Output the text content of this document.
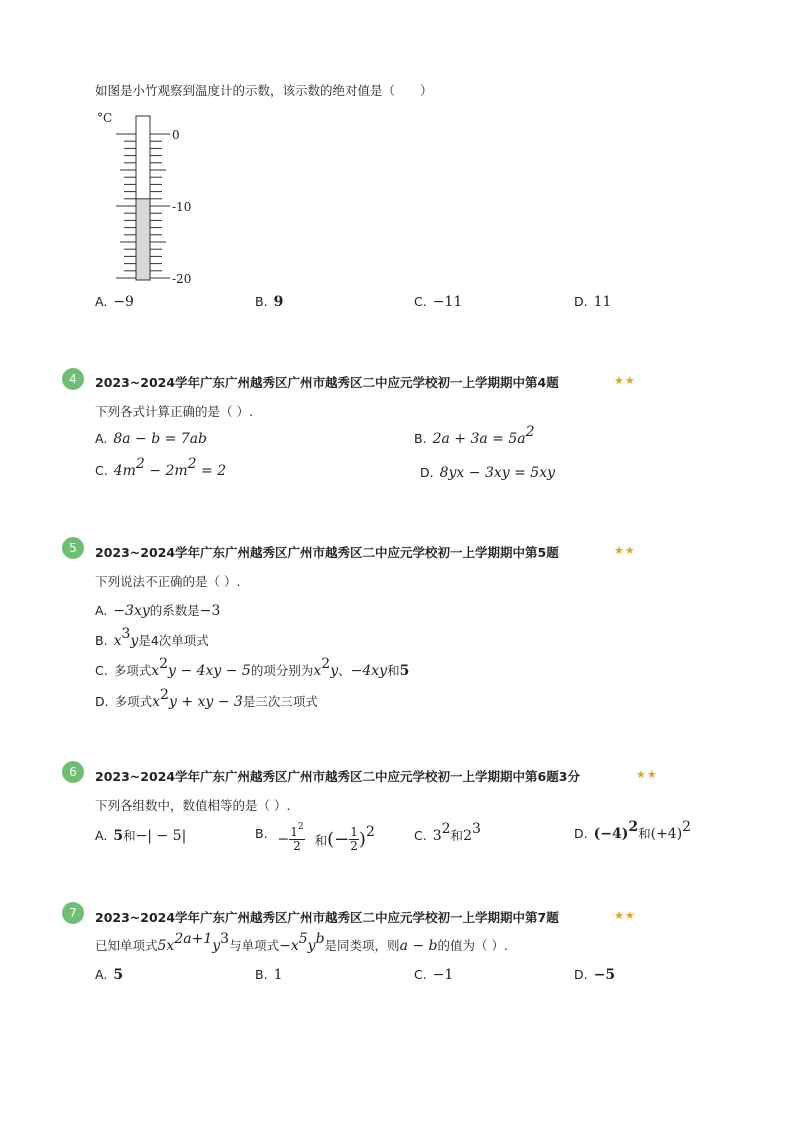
如图是小竹观察到温度计的示数，该示数的绝对值是（　　）
°C
0
-10
-20
A. −9	B. 9	C. −11	D. 11
4	2023~2024学年广东广州越秀区广州市越秀区二中应元学校初一上学期期中第4题	★★
下列各式计算正确的是（ ）.
A. 8a − b = 7ab	B. $2a + 3a = 5a^2$
C. $4m^2 - 2m^2 = 2$	D. 8yx − 3xy = 5xy
5	2023~2024学年广东广州越秀区广州市越秀区二中应元学校初一上学期期中第5题	★★
下列说法不正确的是（ ）.
A. −3xy的系数是−3
B. $x^3y$是4次单项式
C. 多项式$x^2y - 4xy - 5$的项分别为$x^2y$、−4xy和5
D. 多项式$x^2y$ + xy − 3是三次三项式
6	2023~2024学年广东广州越秀区广州市越秀区二中应元学校初一上学期期中第6题3分	★★
下列各组数中，数值相等的是（ ）.
A. 5和−| − 5|	B. − $\frac{1^2}{2}$ 和(− $\frac{1}{2} )^2$	C. $3^2$和$2^3$	D. $(-4)^2$和$(+4)^2$
7	2023~2024学年广东广州越秀区广州市越秀区二中应元学校初一上学期期中第7题	★★
已知单项式$5x^{2a+1}y^3$与单项式$-x^5y^b$是同类项，则a − b的值为（ ）.
A. 5	B. 1	C. −1	D. −5
